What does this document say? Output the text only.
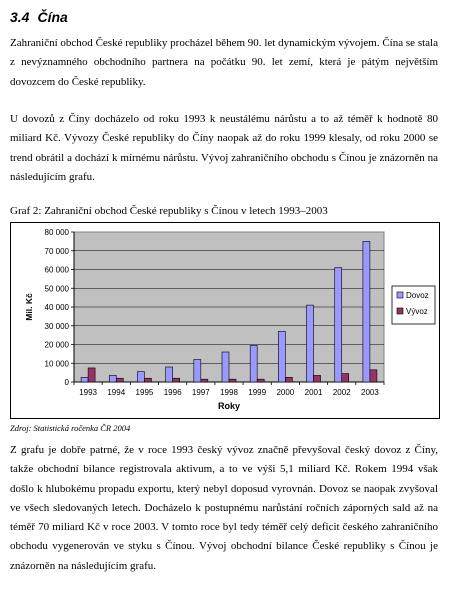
3.4 Čína
Zahraniční obchod České republiky procházel během 90. let dynamickým vývojem. Čína se stala z nevýznamného obchodního partnera na počátku 90. let zemí, která je pátým největším dovozcem do České republiky.
U dovozů z Číny docházelo od roku 1993 k neustálému nárůstu a to až téměř k hodnotě 80 miliard Kč. Vývozy České republiky do Číny naopak až do roku 1999 klesaly, od roku 2000 se trend obrátil a dochází k mírnému nárůstu. Vývoj zahraničního obchodu s Čínou je znázorněn na následujícím grafu.
Graf 2: Zahraniční obchod České republiky s Čínou v letech 1993–2003
0
10 000
20 000
30 000
40 000
50 000
60 000
70 000
80 000
1993 1994 1995 1996 1997 1998 1999 2000 2001 2002 2003
Mil. Kč
Roky
Dovoz
Vývoz
Zdroj: Statistická ročenka ČR 2004
Z grafu je dobře patrné, že v roce 1993 český vývoz značně převyšoval český dovoz z Číny, takže obchodní bilance registrovala aktivum, a to ve výši 5,1 miliard Kč. Rokem 1994 však došlo k hlubokému propadu exportu, který nebyl doposud vyrovnán. Dovoz se naopak zvyšoval ve všech sledovaných letech. Docházelo k postupnému narůstání ročních záporných sald až na téměř 70 miliard Kč v roce 2003. V tomto roce byl tedy téměř celý deficit českého zahraničního obchodu vygenerován ve styku s Čínou. Vývoj obchodní bilance České republiky s Čínou je znázorněn na následujícím grafu.
